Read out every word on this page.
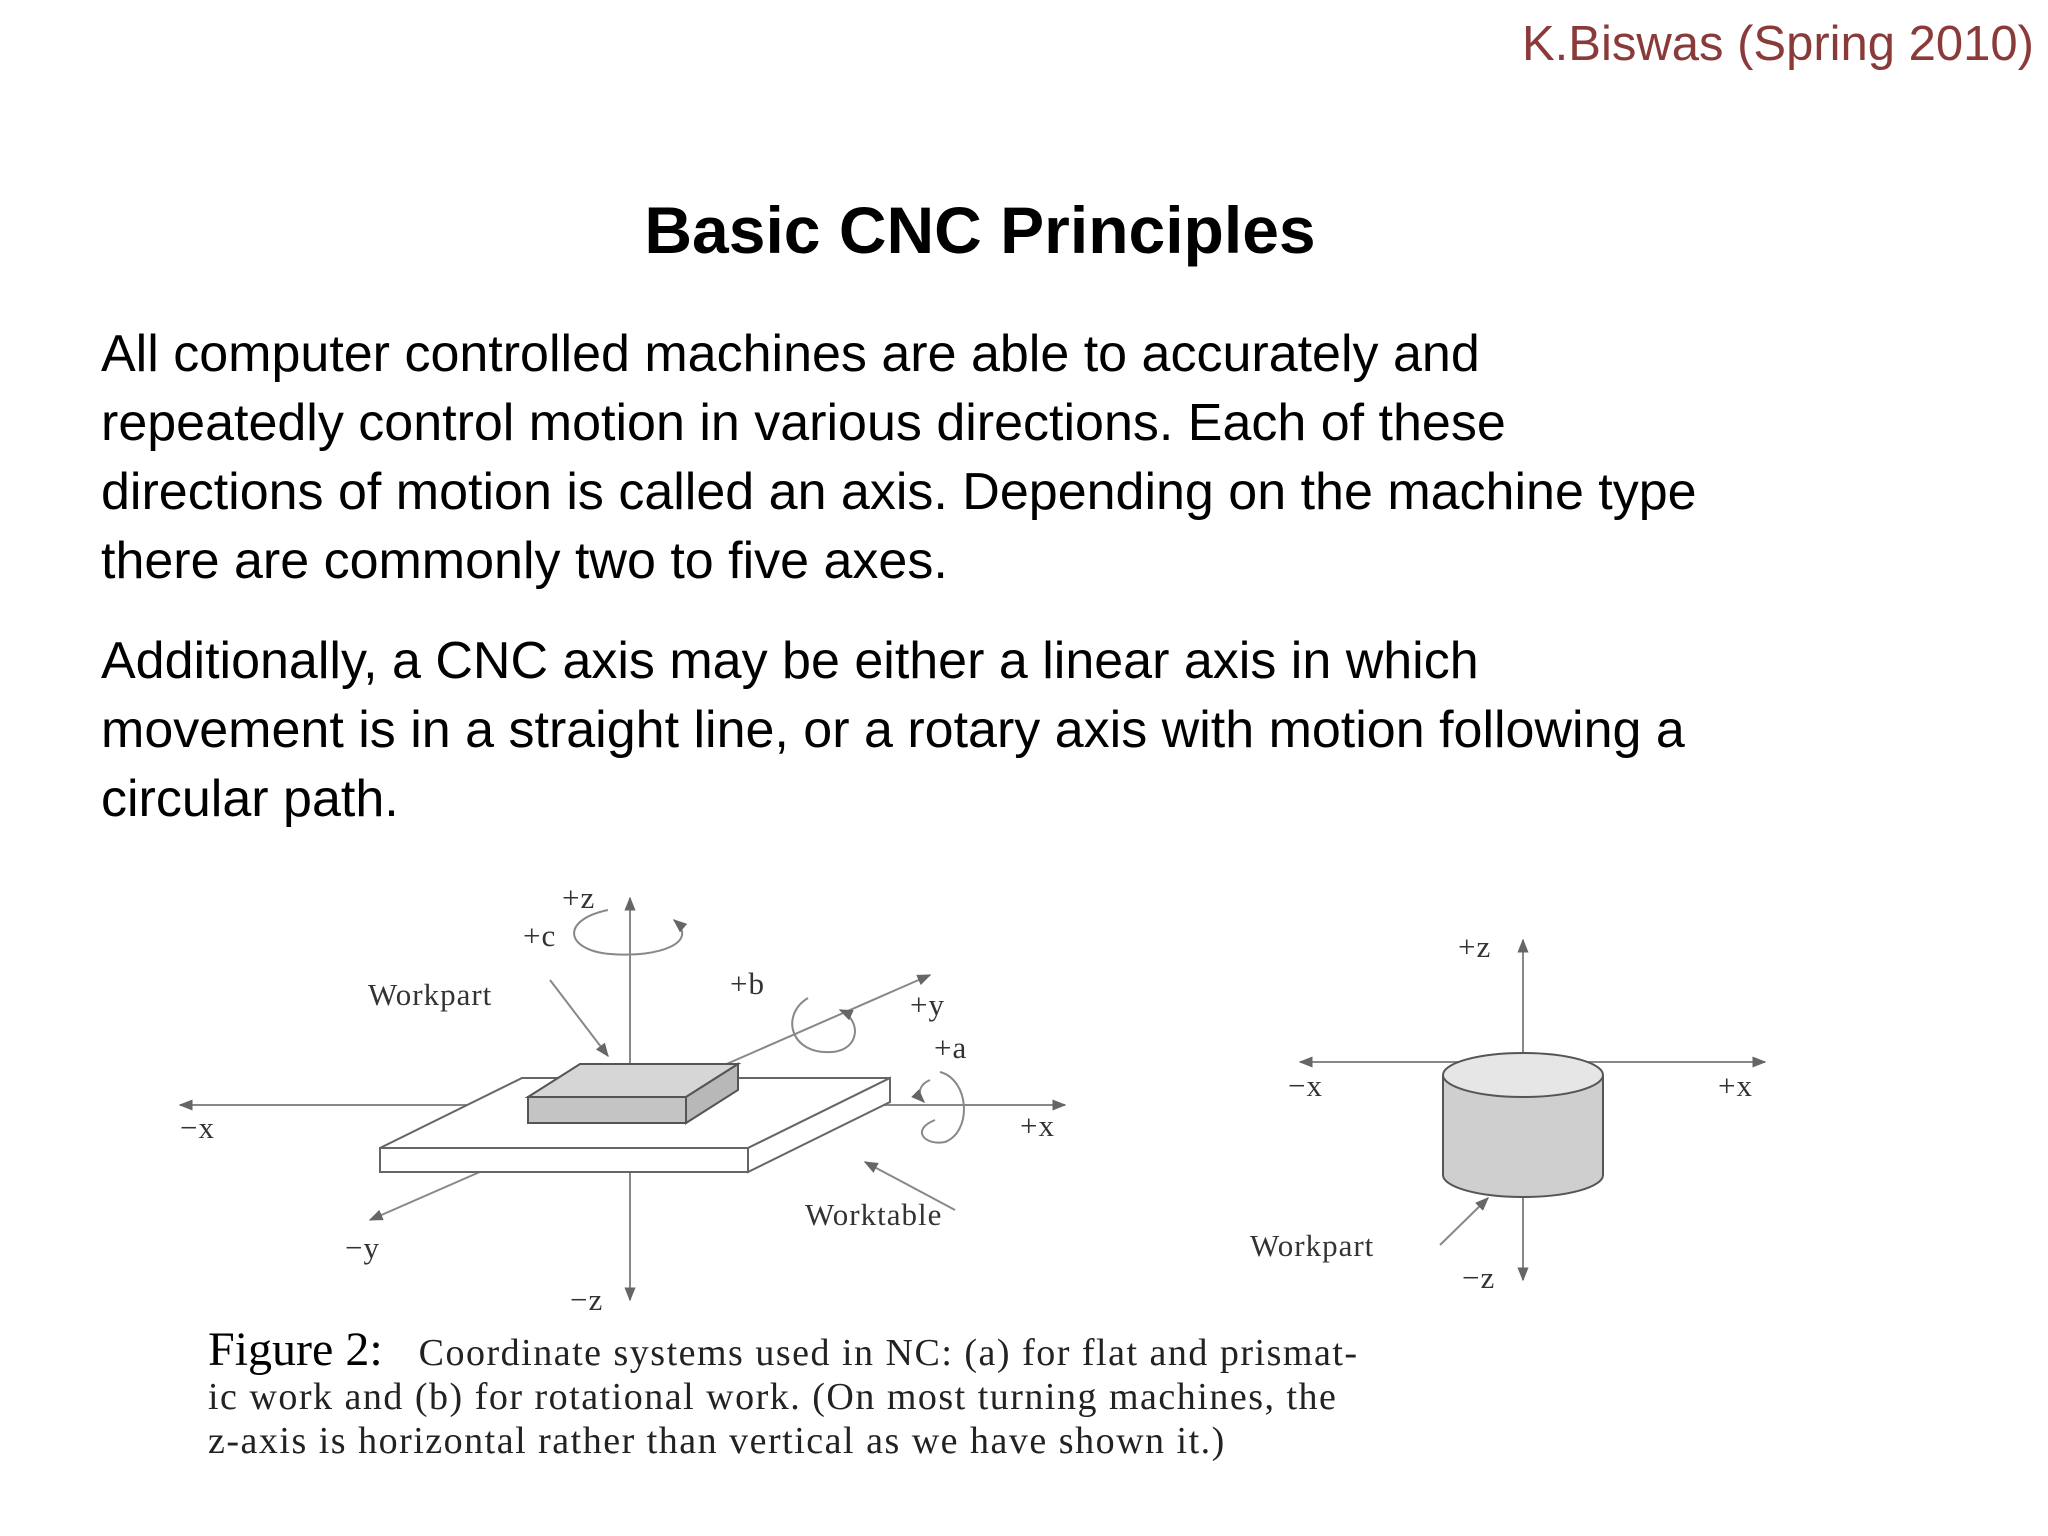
K.Biswas (Spring 2010)
Basic CNC Principles

All computer controlled machines are able to accurately and
repeatedly control motion in various directions. Each of these
directions of motion is called an axis. Depending on the machine type
there are commonly two to five axes.

Additionally, a CNC axis may be either a linear axis in which
movement is in a straight line, or a rotary axis with motion following a
circular path.

+z
+c
Workpart	+b
+y
+a
−x	+x
Worktable
−y
−z
+z
−x	+x
Workpart
−z
Figure 2: Coordinate systems used in NC: (a) for flat and prismat-
ic work and (b) for rotational work. (On most turning machines, the
z-axis is horizontal rather than vertical as we have shown it.)
